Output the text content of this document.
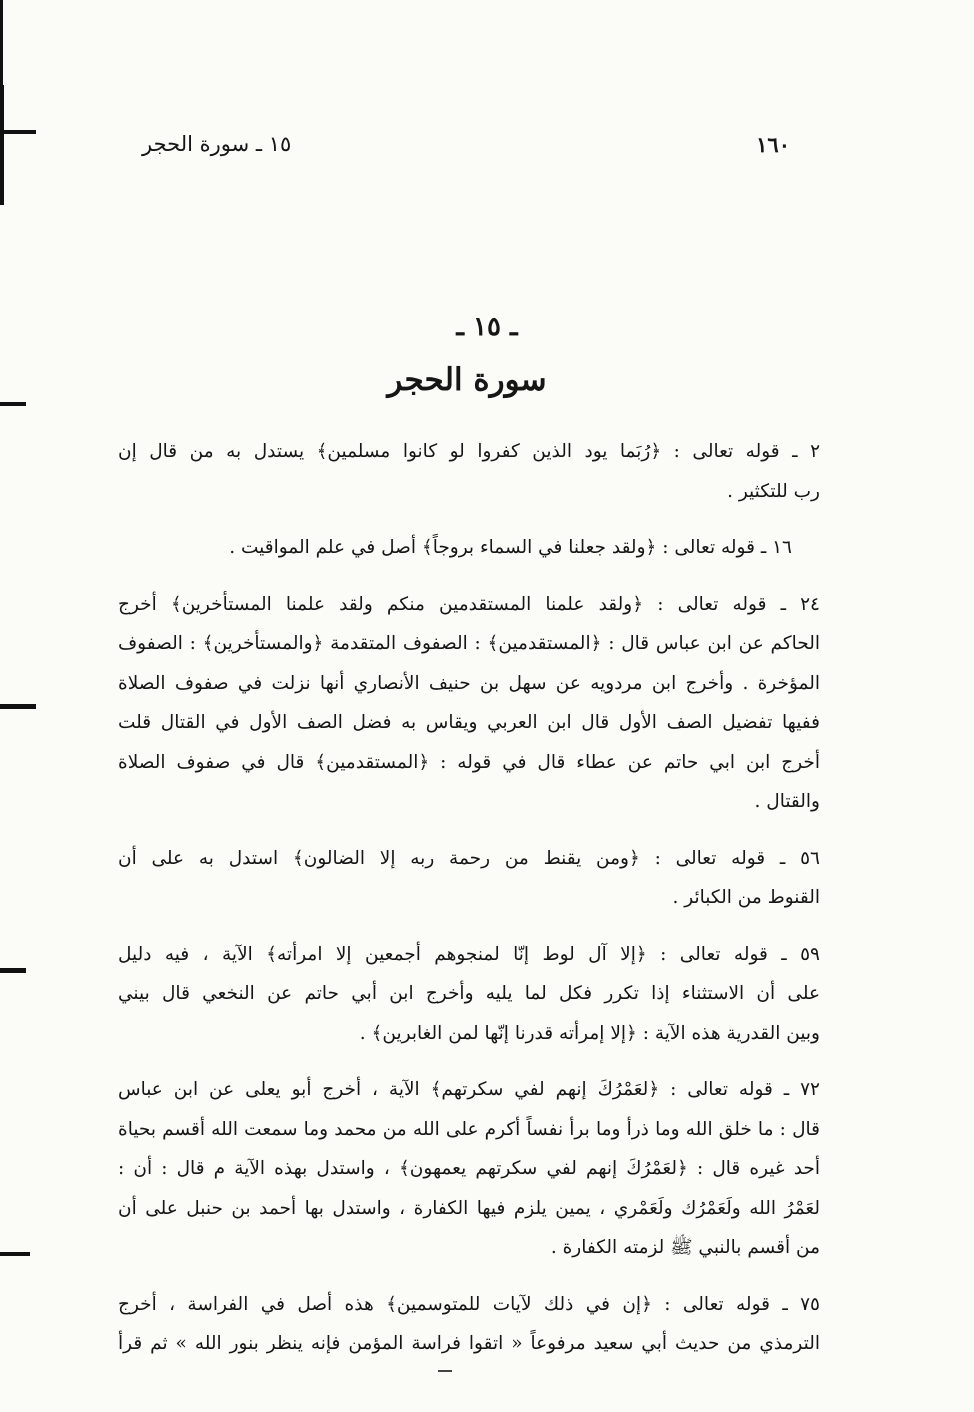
١٦٠
١٥ ـ سورة الحجر
ـ ١٥ ـ
سورة الحجر

٢ ـ قوله تعالى : ﴿رُبَما يود الذين كفروا لو كانوا مسلمين﴾ يستدل به من قال إن
رب للتكثير .

١٦ ـ قوله تعالى : ﴿ولقد جعلنا في السماء بروجاً﴾ أصل في علم المواقيت .

٢٤ ـ قوله تعالى : ﴿ولقد علمنا المستقدمين منكم ولقد علمنا المستأخرين﴾ أخرج
الحاكم عن ابن عباس قال : ﴿المستقدمين﴾ : الصفوف المتقدمة ﴿والمستأخرين﴾ : الصفوف
المؤخرة . وأخرج ابن مردويه عن سهل بن حنيف الأنصاري أنها نزلت في صفوف الصلاة
ففيها تفضيل الصف الأول قال ابن العربي ويقاس به فضل الصف الأول في القتال قلت
أخرج ابن ابي حاتم عن عطاء قال في قوله : ﴿المستقدمين﴾ قال في صفوف الصلاة
والقتال .

٥٦ ـ قوله تعالى : ﴿ومن يقنط من رحمة ربه إلا الضالون﴾ استدل به على أن
القنوط من الكبائر .

٥٩ ـ قوله تعالى : ﴿إلا آل لوط إنّا لمنجوهم أجمعين إلا امرأته﴾ الآية ، فيه دليل
على أن الاستثناء إذا تكرر فكل لما يليه وأخرج ابن أبي حاتم عن النخعي قال بيني
وبين القدرية هذه الآية : ﴿إلا إمرأته قدرنا إنّها لمن الغابرين﴾ .

٧٢ ـ قوله تعالى : ﴿لعَمْرُكَ إنهم لفي سكرتهم﴾ الآية ، أخرج أبو يعلى عن ابن عباس
قال : ما خلق الله وما ذرأ وما برأ نفساً أكرم على الله من محمد وما سمعت الله أقسم بحياة
أحد غيره قال : ﴿لعَمْرُكَ إنهم لفي سكرتهم يعمهون﴾ ، واستدل بهذه الآية م قال : أن :
لعَمْرُ الله ولَعَمْرُك ولَعَمْري ، يمين يلزم فيها الكفارة ، واستدل بها أحمد بن حنبل على أن
من أقسم بالنبي ﷺ لزمته الكفارة .

٧٥ ـ قوله تعالى : ﴿إن في ذلك لآيات للمتوسمين﴾ هذه أصل في الفراسة ، أخرج
الترمذي من حديث أبي سعيد مرفوعاً « اتقوا فراسة المؤمن فإنه ينظر بنور الله » ثم قرأ
